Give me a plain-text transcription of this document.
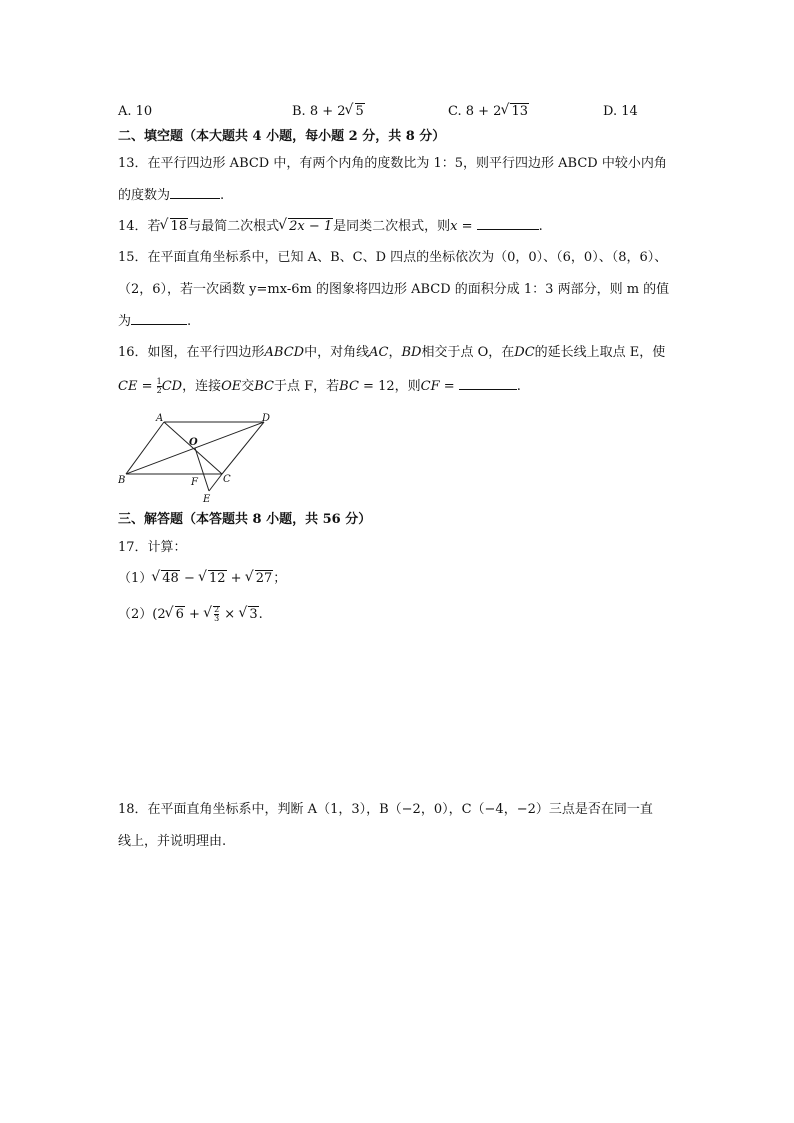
A. 10	B. 8 + 2 √ 5	C. 8 + 2 √ 13	D. 14
二、填空题（本大题共 4 小题，每小题 2 分，共 8 分）
13．在平行四边形 ABCD 中，有两个内角的度数比为 1：5，则平行四边形 ABCD 中较小内角
的度数为	.
14．若 √ 18与最简二次根式 √ 2x − 1是同类二次根式，则x =	.
15．在平面直角坐标系中，已知 A、B、C、D 四点的坐标依次为（0，0）、（6，0）、（8，6）、
（2，6），若一次函数 y=mx-6m 的图象将四边形 ABCD 的面积分成 1：3 两部分，则 m 的值
为	.
16．如图，在平行四边形ABCD中，对角线AC，BD相交于点 O，在DC的延长线上取点 E，使
CE = $\frac{1}{2}$ CD，连接OE交BC于点 F，若BC = 12，则CF =	.
A	D
O
B	F	C
E
三、解答题（本答题共 8 小题，共 56 分）
17．计算：
（1） √ 48 − √ 12 + √ 27；
（2）(2 √ 6 + √ $\frac{2}{3}$ × √ 3.
18．在平面直角坐标系中，判断 A（1，3），B（−2，0），C（−4，−2）三点是否在同一直
线上，并说明理由.
